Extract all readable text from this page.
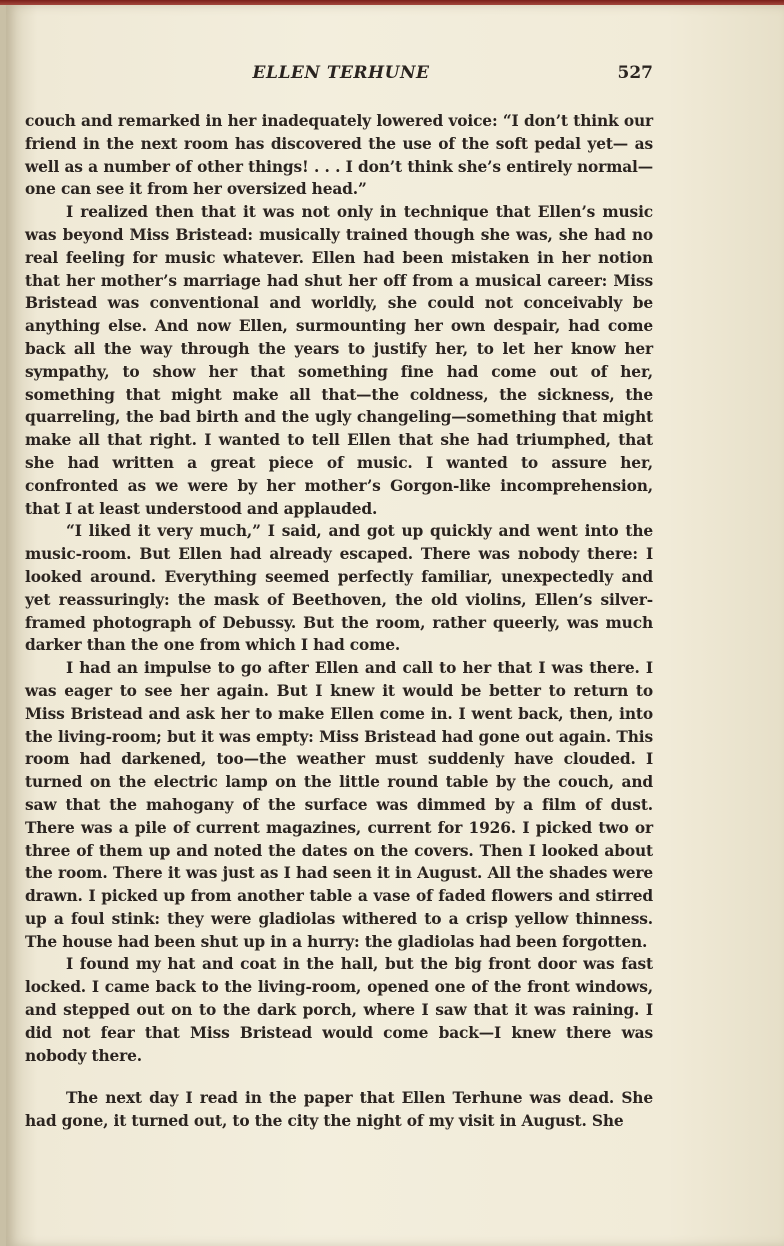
ELLEN TERHUNE	527

couch and remarked in her inadequately lowered voice: “I don’t think our friend in the next room has discovered the use of the soft pedal yet— as well as a number of other things! . . . I don’t think she’s entirely normal—one can see it from her oversized head.”

I realized then that it was not only in technique that Ellen’s music was beyond Miss Bristead: musically trained though she was, she had no real feeling for music whatever. Ellen had been mistaken in her notion that her mother’s marriage had shut her off from a musical career: Miss Bristead was conventional and worldly, she could not conceivably be anything else. And now Ellen, surmounting her own despair, had come back all the way through the years to justify her, to let her know her sympathy, to show her that something fine had come out of her, something that might make all that—the coldness, the sickness, the quarreling, the bad birth and the ugly changeling—something that might make all that right. I wanted to tell Ellen that she had triumphed, that she had written a great piece of music. I wanted to assure her, confronted as we were by her mother’s Gorgon-like incomprehension, that I at least understood and applauded.

“I liked it very much,” I said, and got up quickly and went into the music-room. But Ellen had already escaped. There was nobody there: I looked around. Everything seemed perfectly familiar, unexpectedly and yet reassuringly: the mask of Beethoven, the old violins, Ellen’s silver-framed photograph of Debussy. But the room, rather queerly, was much darker than the one from which I had come.

I had an impulse to go after Ellen and call to her that I was there. I was eager to see her again. But I knew it would be better to return to Miss Bristead and ask her to make Ellen come in. I went back, then, into the living-room; but it was empty: Miss Bristead had gone out again. This room had darkened, too—the weather must suddenly have clouded. I turned on the electric lamp on the little round table by the couch, and saw that the mahogany of the surface was dimmed by a film of dust. There was a pile of current magazines, current for 1926. I picked two or three of them up and noted the dates on the covers. Then I looked about the room. There it was just as I had seen it in August. All the shades were drawn. I picked up from another table a vase of faded flowers and stirred up a foul stink: they were gladiolas withered to a crisp yellow thinness. The house had been shut up in a hurry: the gladiolas had been forgotten.

I found my hat and coat in the hall, but the big front door was fast locked. I came back to the living-room, opened one of the front windows, and stepped out on to the dark porch, where I saw that it was raining. I did not fear that Miss Bristead would come back—I knew there was nobody there.

The next day I read in the paper that Ellen Terhune was dead. She had gone, it turned out, to the city the night of my visit in August. She
